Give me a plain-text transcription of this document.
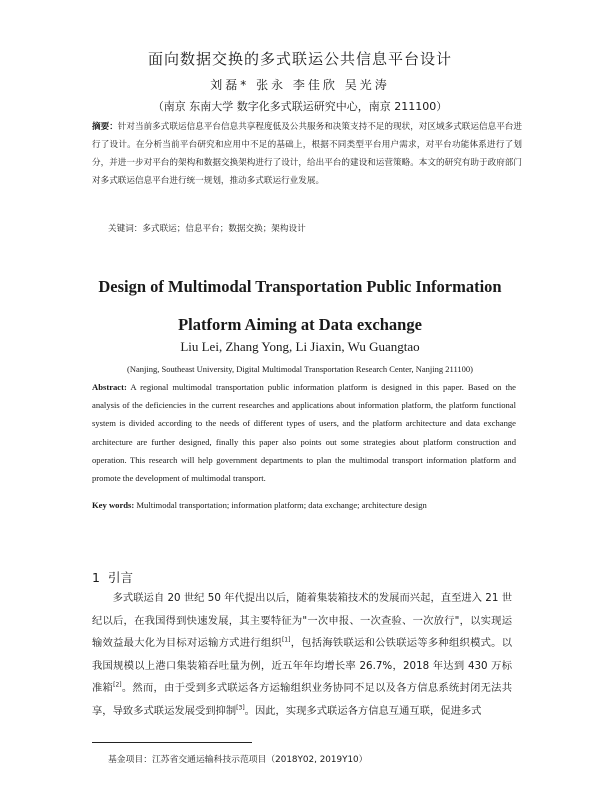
面向数据交换的多式联运公共信息平台设计
刘磊* 张永 李佳欣 吴光涛
（南京 东南大学 数字化多式联运研究中心，南京 211100）

摘要：针对当前多式联运信息平台信息共享程度低及公共服务和决策支持不足的现状，对区域多式联运信息平台进行了设计。在分析当前平台研究和应用中不足的基础上，根据不同类型平台用户需求，对平台功能体系进行了划分，并进一步对平台的架构和数据交换架构进行了设计，给出平台的建设和运营策略。本文的研究有助于政府部门对多式联运信息平台进行统一规划，推动多式联运行业发展。

关键词：多式联运；信息平台；数据交换；架构设计
Design of Multimodal Transportation Public Information
Platform Aiming at Data exchange
Liu Lei, Zhang Yong, Li Jiaxin, Wu Guangtao
(Nanjing, Southeast University, Digital Multimodal Transportation Research Center, Nanjing 211100)

Abstract: A regional multimodal transportation public information platform is designed in this paper. Based on the analysis of the deficiencies in the current researches and applications about information platform, the platform functional system is divided according to the needs of different types of users, and the platform architecture and data exchange architecture are further designed, finally this paper also points out some strategies about platform construction and operation. This research will help government departments to plan the multimodal transport information platform and promote the development of multimodal transport.

Key words: Multimodal transportation; information platform; data exchange; architecture design
1 引言

多式联运自 20 世纪 50 年代提出以后，随着集装箱技术的发展而兴起，直至进入 21 世纪以后，在我国得到快速发展，其主要特征为"一次申报、一次查验、一次放行"，以实现运输效益最大化为目标对运输方式进行组织[1]，包括海铁联运和公铁联运等多种组织模式。以我国规模以上港口集装箱吞吐量为例，近五年年均增长率 26.7%，2018 年达到 430 万标准箱[2]。然而，由于受到多式联运各方运输组织业务协同不足以及各方信息系统封闭无法共享，导致多式联运发展受到抑制[3]。因此，实现多式联运各方信息互通互联，促进多式

基金项目：江苏省交通运输科技示范项目（2018Y02, 2019Y10）
